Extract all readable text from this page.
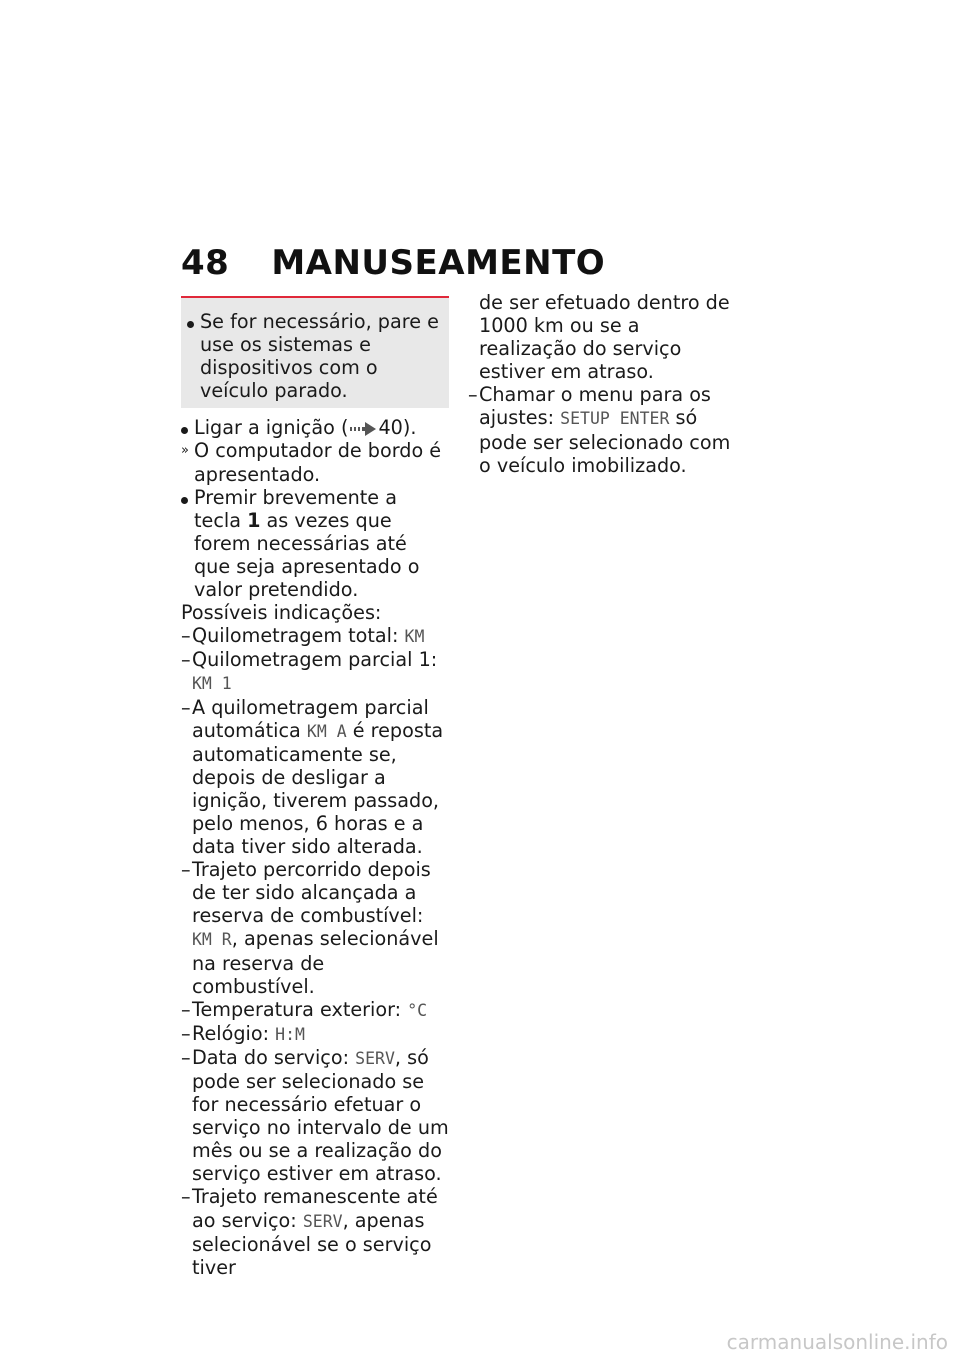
48 MANUSEAMENTO
Se for necessário, pare e use os sistemas e dispositivos com o veículo parado.
Ligar a ignição ( 40).
» O computador de bordo é apresentado.
Premir brevemente a tecla 1 as vezes que forem necessárias até que seja apresentado o valor pretendido.
Possíveis indicações:
– Quilometragem total: KM
– Quilometragem parcial 1: KM 1
– A quilometragem parcial automática KM A é reposta automaticamente se, depois de desligar a ignição, tiverem passado, pelo menos, 6 horas e a data tiver sido alterada.
– Trajeto percorrido depois de ter sido alcançada a reserva de combustível: KM R, apenas selecionável na reserva de combustível.
– Temperatura exterior: °C
– Relógio: H:M
– Data do serviço: SERV, só pode ser selecionado se for necessário efetuar o serviço no intervalo de um mês ou se a realização do serviço estiver em atraso.
– Trajeto remanescente até ao serviço: SERV, apenas selecionável se o serviço tiver
de ser efetuado dentro de 1000 km ou se a realização do serviço estiver em atraso.
– Chamar o menu para os ajustes: SETUP ENTER só pode ser selecionado com o veículo imobilizado.
carmanualsonline.info
